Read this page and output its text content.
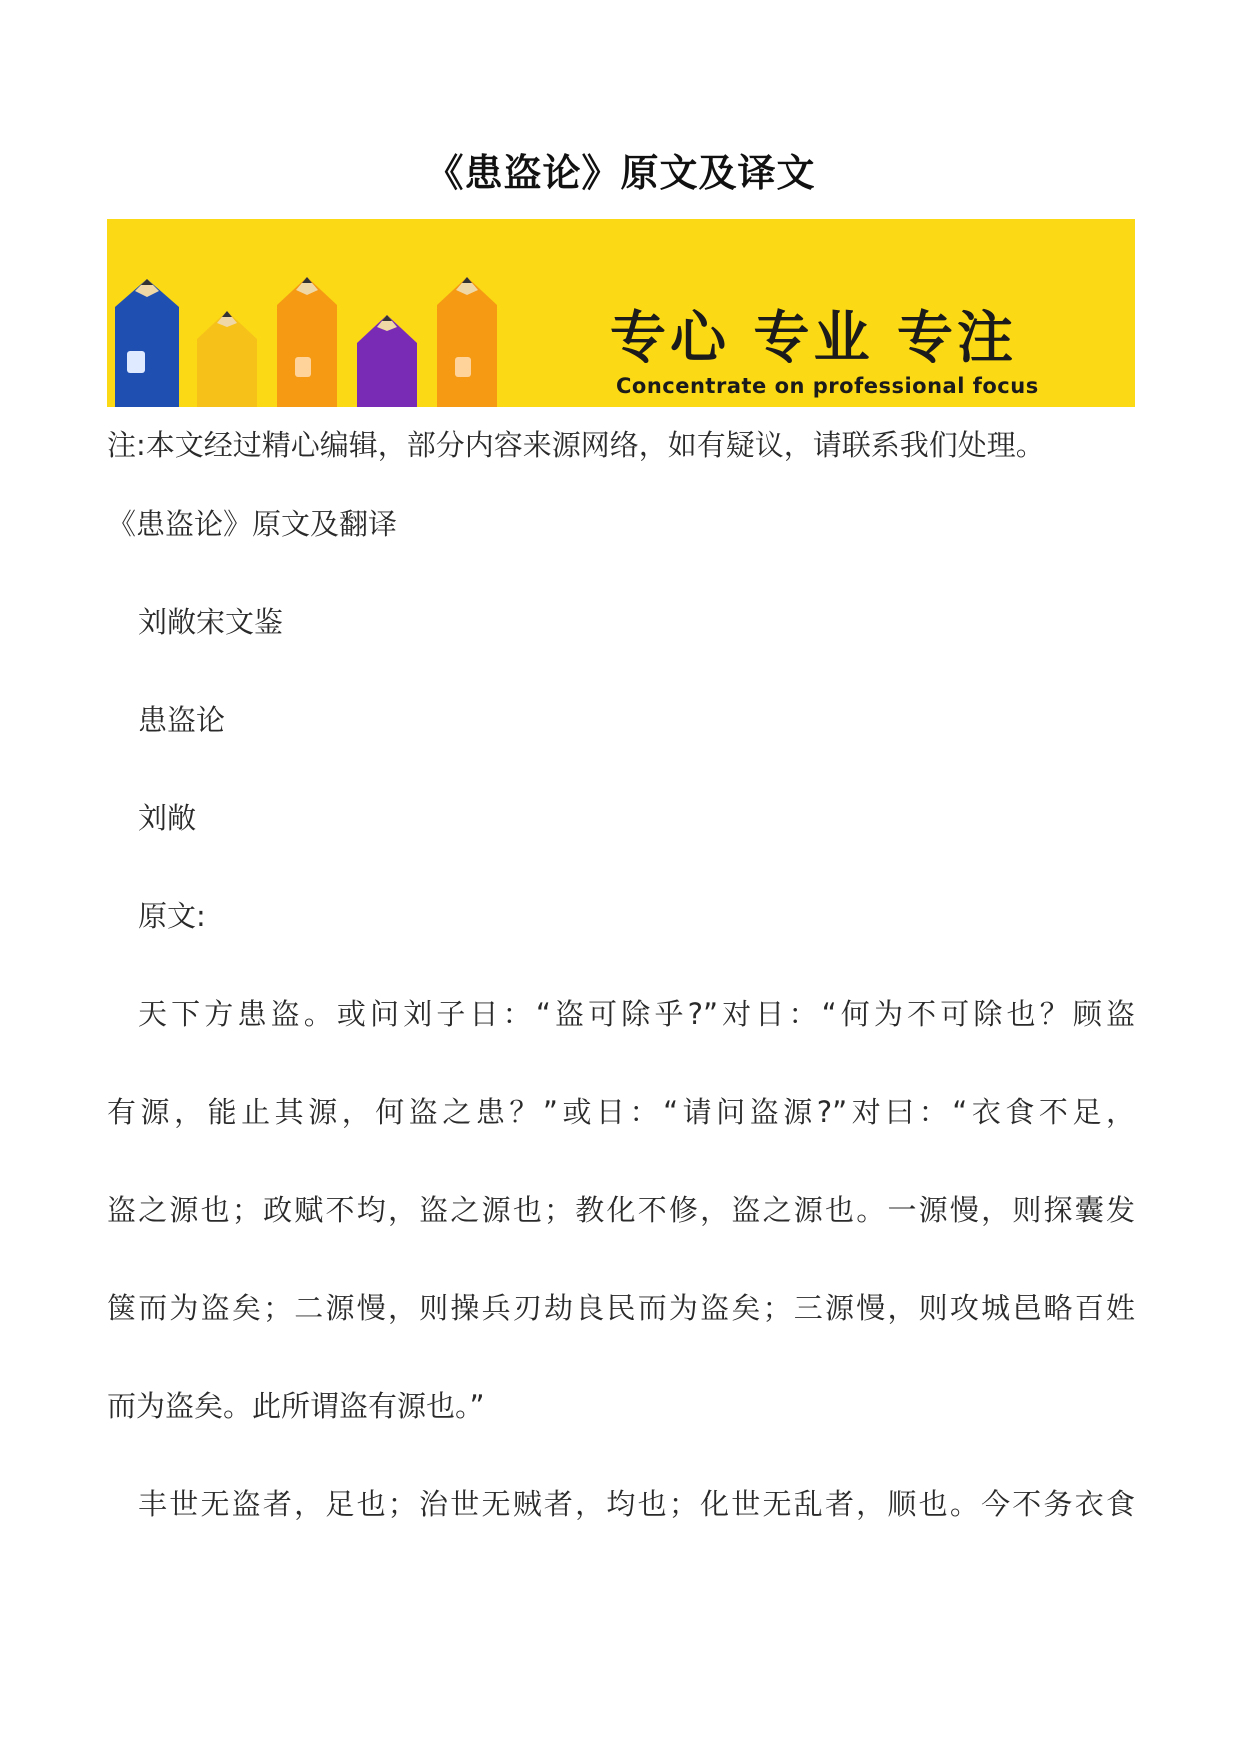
《患盗论》原文及译文
专心 专业 专注
Concentrate on professional focus
注:本文经过精心编辑，部分内容来源网络，如有疑议，请联系我们处理。
《患盗论》原文及翻译
刘敞宋文鉴
患盗论
刘敞
原文:
天下方患盗。或问刘子日：“盗可除乎?”对日：“何为不可除也？顾盗
有源，能止其源，何盗之患？”或日：“请问盗源?”对曰：“衣食不足，
盗之源也；政赋不均，盗之源也；教化不修，盗之源也。一源慢，则探囊发
箧而为盗矣；二源慢，则操兵刃劫良民而为盗矣；三源慢，则攻城邑略百姓
而为盗矣。此所谓盗有源也。”
丰世无盗者，足也；治世无贼者，均也；化世无乱者，顺也。今不务衣食
